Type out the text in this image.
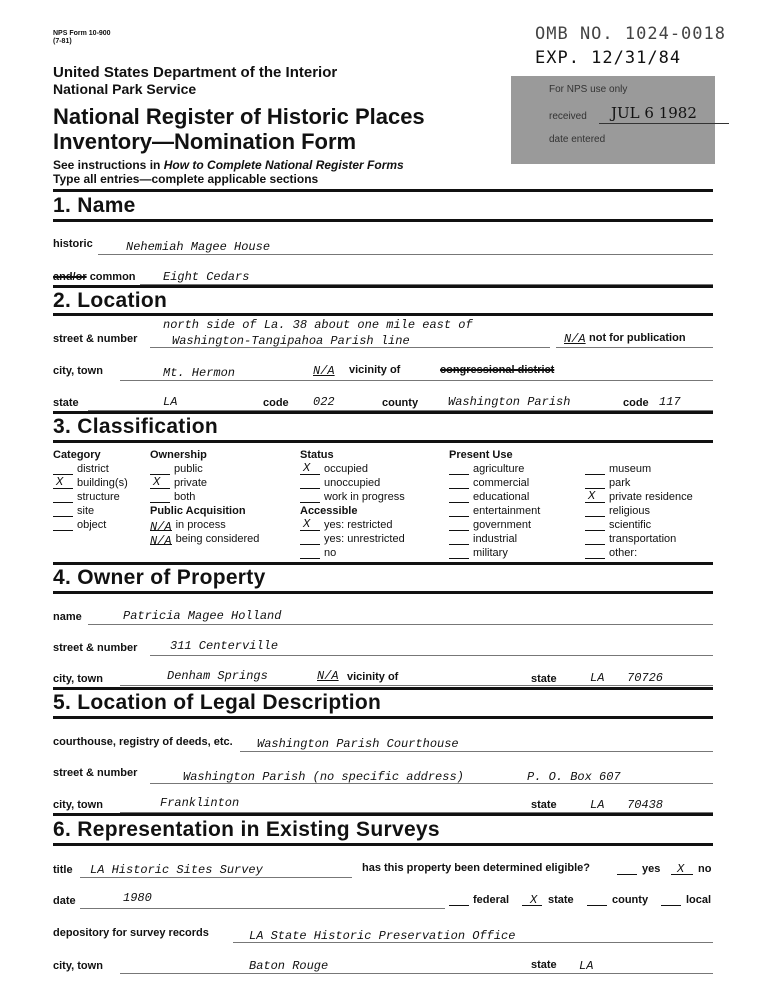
NPS Form 10-900
(7-81)	OMB NO. 1024-0018
EXP. 12/31/84
United States Department of the Interior
National Park Service
National Register of Historic Places
Inventory—Nomination Form
See instructions in How to Complete National Register Forms
Type all entries—complete applicable sections
For NPS use only
received JUL 6 1982
date entered
1. Name
historic	Nehemiah Magee House
and/or common Eight Cedars
2. Location
street & number
north side of La. 38 about one mile east of
Washington-Tangipahoa Parish line	N/A not for publication
city, town	Mt. Hermon	N/A vicinity of	congressional district
state	LA	code 022	county Washington Parish	code 117
3. Classification
Category
district
X building(s)
structure
site
object
Ownership
public
X private
both
Public Acquisition
N/A in process
N/A being considered
Status
X occupied
unoccupied
work in progress
Accessible
X yes: restricted
yes: unrestricted
no
Present Use
agriculture
commercial
educational
entertainment
government
industrial
military
museum
park
X private residence
religious
scientific
transportation
other:
4. Owner of Property
name	Patricia Magee Holland
street & number	311 Centerville
city, town	Denham Springs	N/A vicinity of	state	LA 70726
5. Location of Legal Description
courthouse, registry of deeds, etc. Washington Parish Courthouse
street & number	Washington Parish (no specific address)	P. O. Box 607
city, town	Franklinton	state	LA 70438
6. Representation in Existing Surveys
title LA Historic Sites Survey	has this property been determined eligible?	yes X no
date	1980	federal X state	county	local
depository for survey records	LA State Historic Preservation Office
city, town	Baton Rouge	state LA
